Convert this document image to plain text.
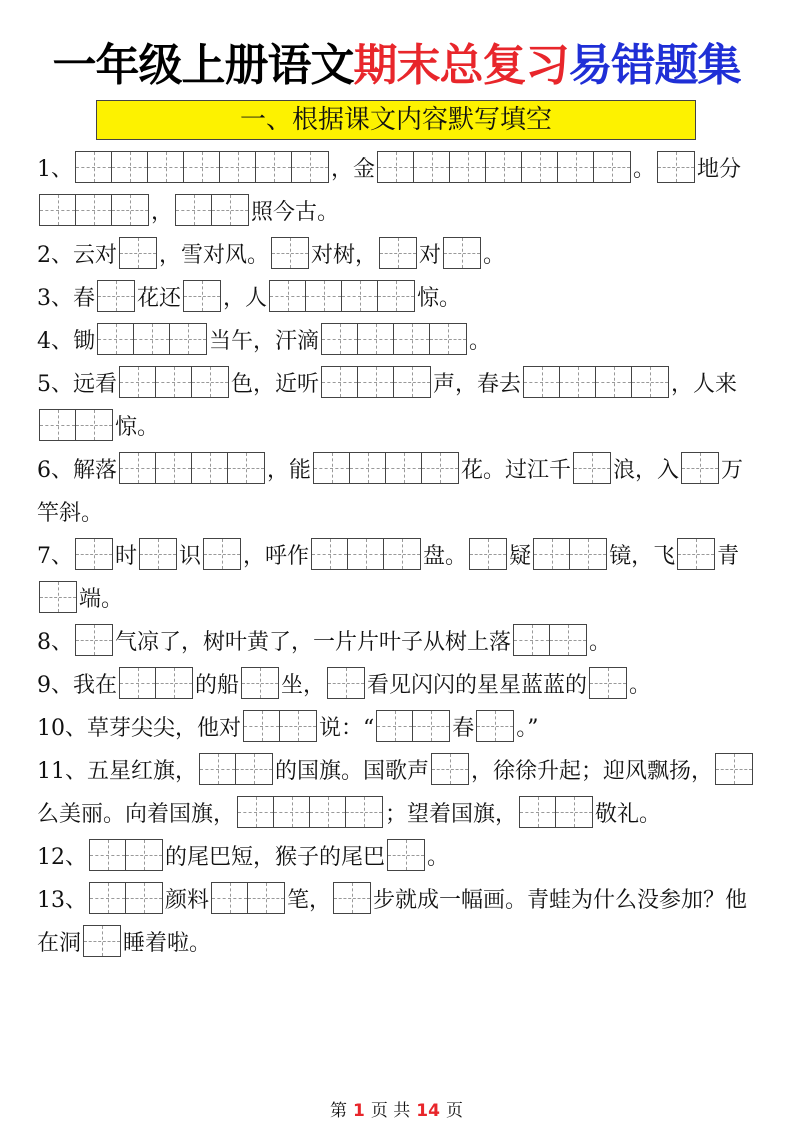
一年级上册语文期末总复习易错题集
一、根据课文内容默写填空

1、	，金	。 地分
，	照今古。

2、云对 ，雪对风。 对树， 对 。

3、春 花还 ，人	惊。

4、锄	当午，汗滴	。

5、远看	色，近听	声，春去	，人来
惊。

6、解落	，能	花。过江千 浪，入 万竿斜。

7、 时 识 ，呼作	盘。 疑	镜，飞 青
端。

8、 气凉了，树叶黄了，一片片叶子从树上落	。

9、我在	的船 坐， 看见闪闪的星星蓝蓝的 。

10、草芽尖尖，他对	说：“	春 。”

11、五星红旗，	的国旗。国歌声 ，徐徐升起；迎风飘扬，
么美丽。向着国旗，	；望着国旗，	敬礼。

12、	的尾巴短，猴子的尾巴 。

13、	颜料	笔， 步就成一幅画。青蛙为什么没参加？他在洞 睡着啦。

第 1 页 共 14 页
